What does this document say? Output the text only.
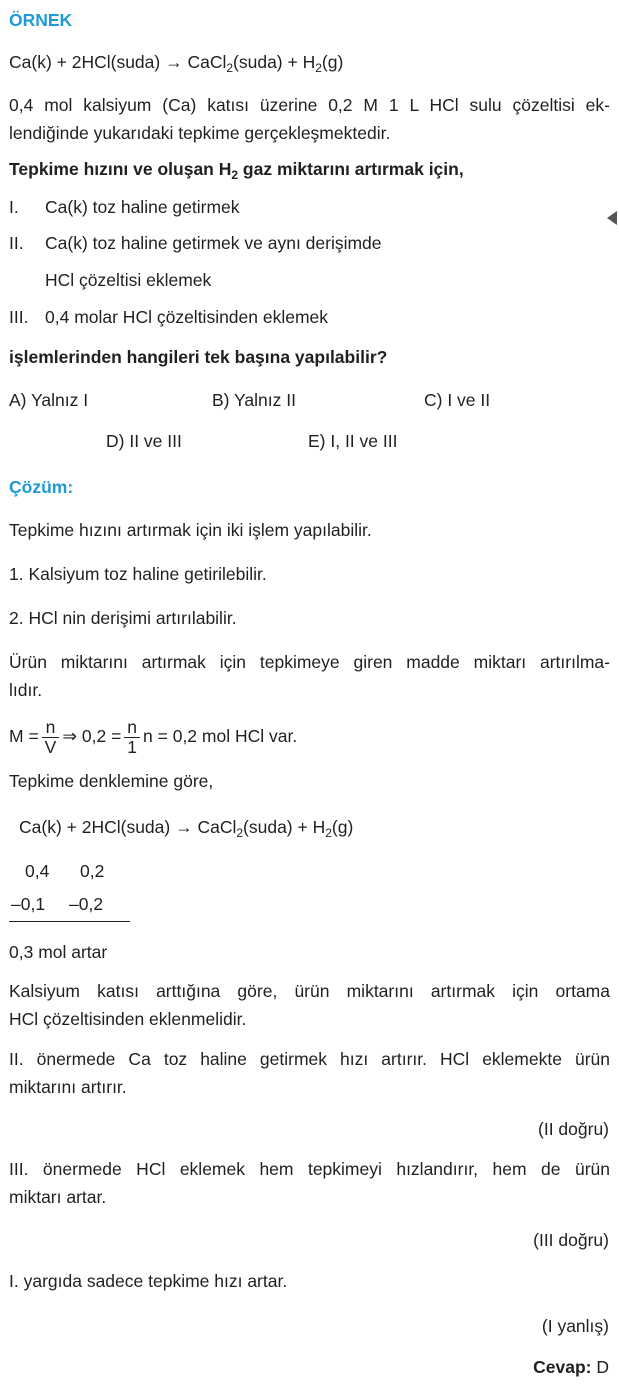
ÖRNEK
Ca(k) + 2HCl(suda) → CaCl$_2$(suda) + $H_2(g)$
0,4 mol kalsiyum (Ca) katısı üzerine 0,2 M 1 L HCl sulu çözeltisi ek-
lendiğinde yukarıdaki tepkime gerçekleşmektedir.
Tepkime hızını ve oluşan $H_2$ gaz miktarını artırmak için,
I. Ca(k) toz haline getirmek
II. Ca(k) toz haline getirmek ve aynı derişimde
HCl çözeltisi eklemek
III. 0,4 molar HCl çözeltisinden eklemek
işlemlerinden hangileri tek başına yapılabilir?
A) Yalnız I	B) Yalnız II	C) I ve II
D) II ve III	E) I, II ve III
Çözüm:
Tepkime hızını artırmak için iki işlem yapılabilir.
1. Kalsiyum toz haline getirilebilir.
2. HCl nin derişimi artırılabilir.
Ürün miktarını artırmak için tepkimeye giren madde miktarı artırılma-
lıdır.
$M = \frac{n}{V}$ ⇒ $0,2 = \frac{n}{1}$ n = 0,2 mol HCl var.
Tepkime denklemine göre,
Ca(k) + 2HCl(suda) → CaCl$_2$(suda) + $H_2(g)$
0,4 0,2
–0,1 –0,2
0,3 mol artar
Kalsiyum katısı arttığına göre, ürün miktarını artırmak için ortama
HCl çözeltisinden eklenmelidir.
II. önermede Ca toz haline getirmek hızı artırır. HCl eklemekte ürün
miktarını artırır.
(II doğru)
III. önermede HCl eklemek hem tepkimeyi hızlandırır, hem de ürün
miktarı artar.
(III doğru)
I. yargıda sadece tepkime hızı artar.
(I yanlış)
Cevap: D
